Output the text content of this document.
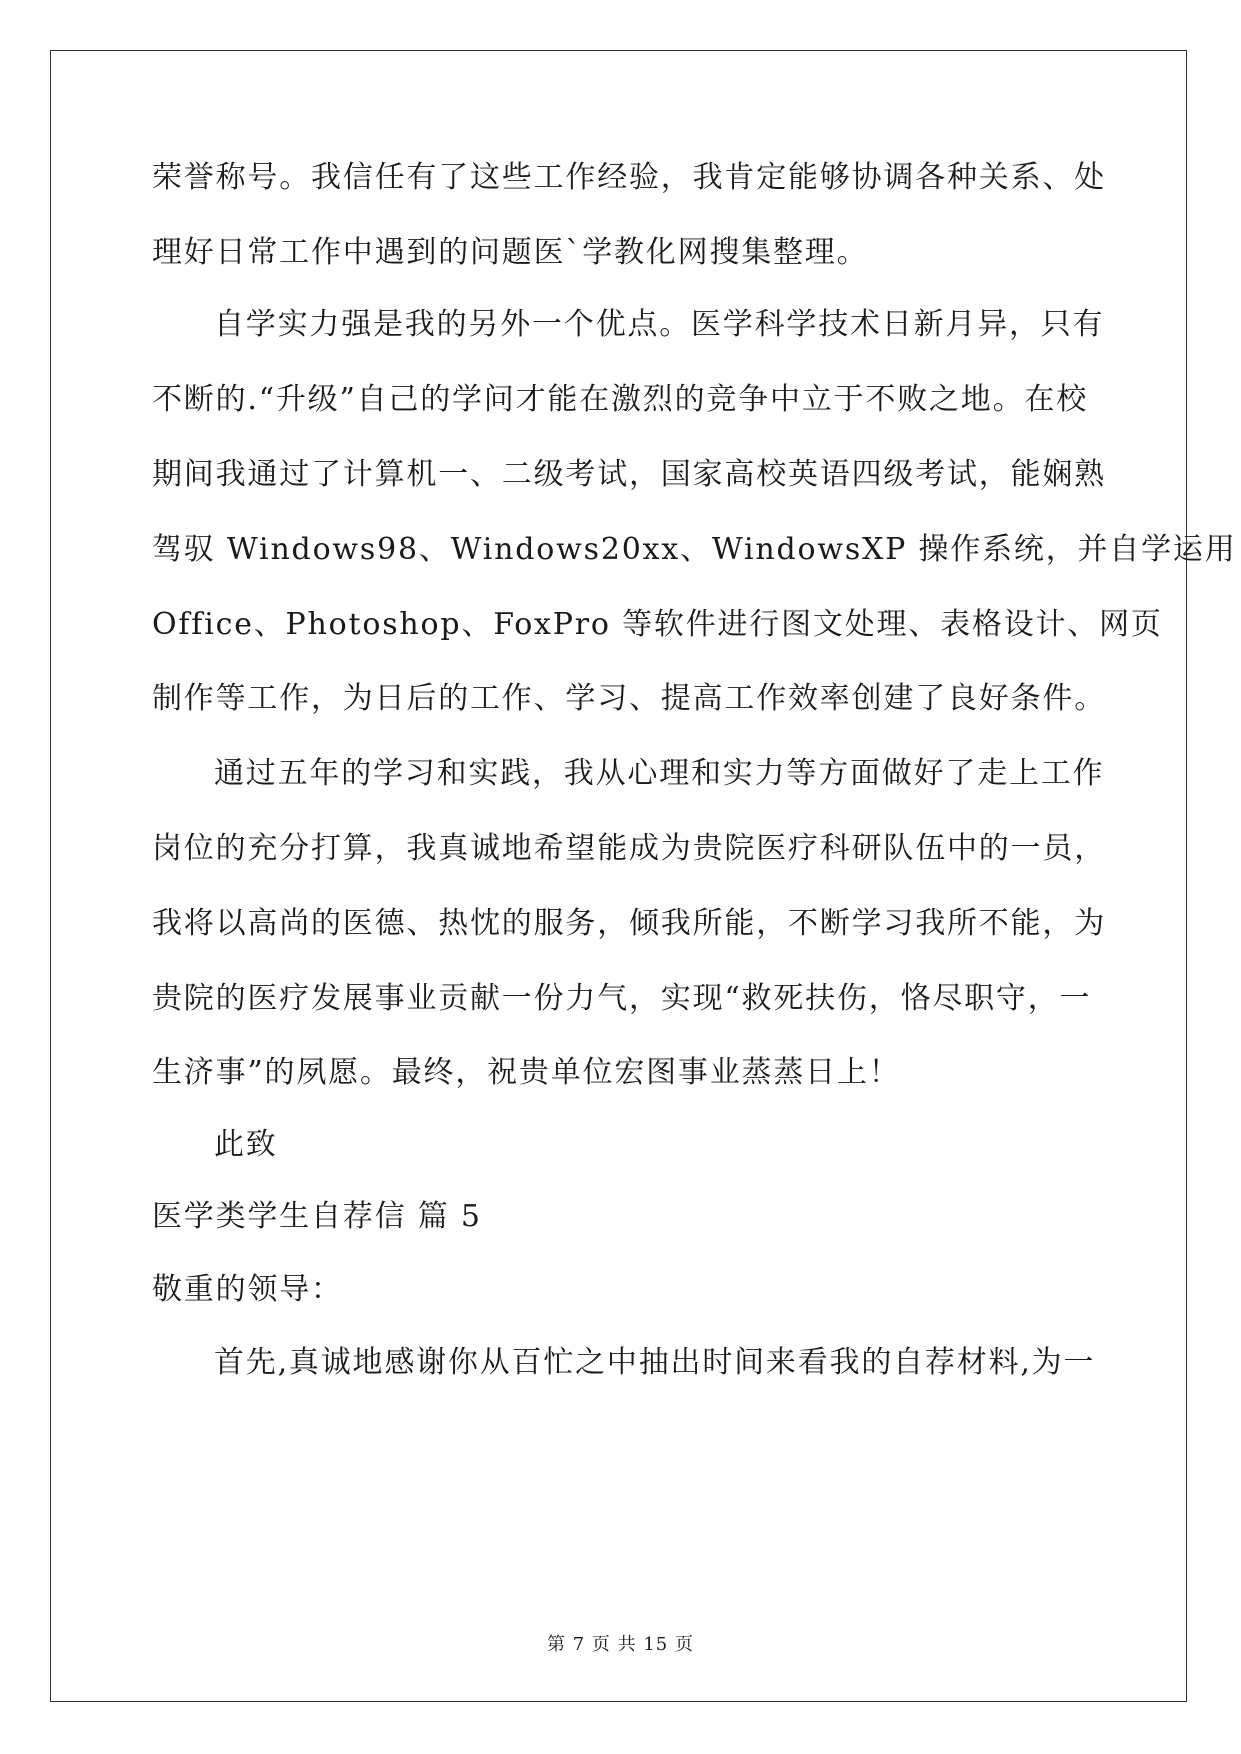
荣誉称号。我信任有了这些工作经验，我肯定能够协调各种关系、处
理好日常工作中遇到的问题医`学教化网搜集整理。
自学实力强是我的另外一个优点。医学科学技术日新月异，只有
不断的.“升级”自己的学问才能在激烈的竞争中立于不败之地。在校
期间我通过了计算机一、二级考试，国家高校英语四级考试，能娴熟
驾驭 Windows98、Windows20xx、WindowsXP 操作系统，并自学运用
Office、Photoshop、FoxPro 等软件进行图文处理、表格设计、网页
制作等工作，为日后的工作、学习、提高工作效率创建了良好条件。
通过五年的学习和实践，我从心理和实力等方面做好了走上工作
岗位的充分打算，我真诚地希望能成为贵院医疗科研队伍中的一员，
我将以高尚的医德、热忱的服务，倾我所能，不断学习我所不能，为
贵院的医疗发展事业贡献一份力气，实现“救死扶伤，恪尽职守，一
生济事”的夙愿。最终，祝贵单位宏图事业蒸蒸日上！
此致
医学类学生自荐信 篇 5
敬重的领导：
首先,真诚地感谢你从百忙之中抽出时间来看我的自荐材料,为一
第 7 页 共 15 页
